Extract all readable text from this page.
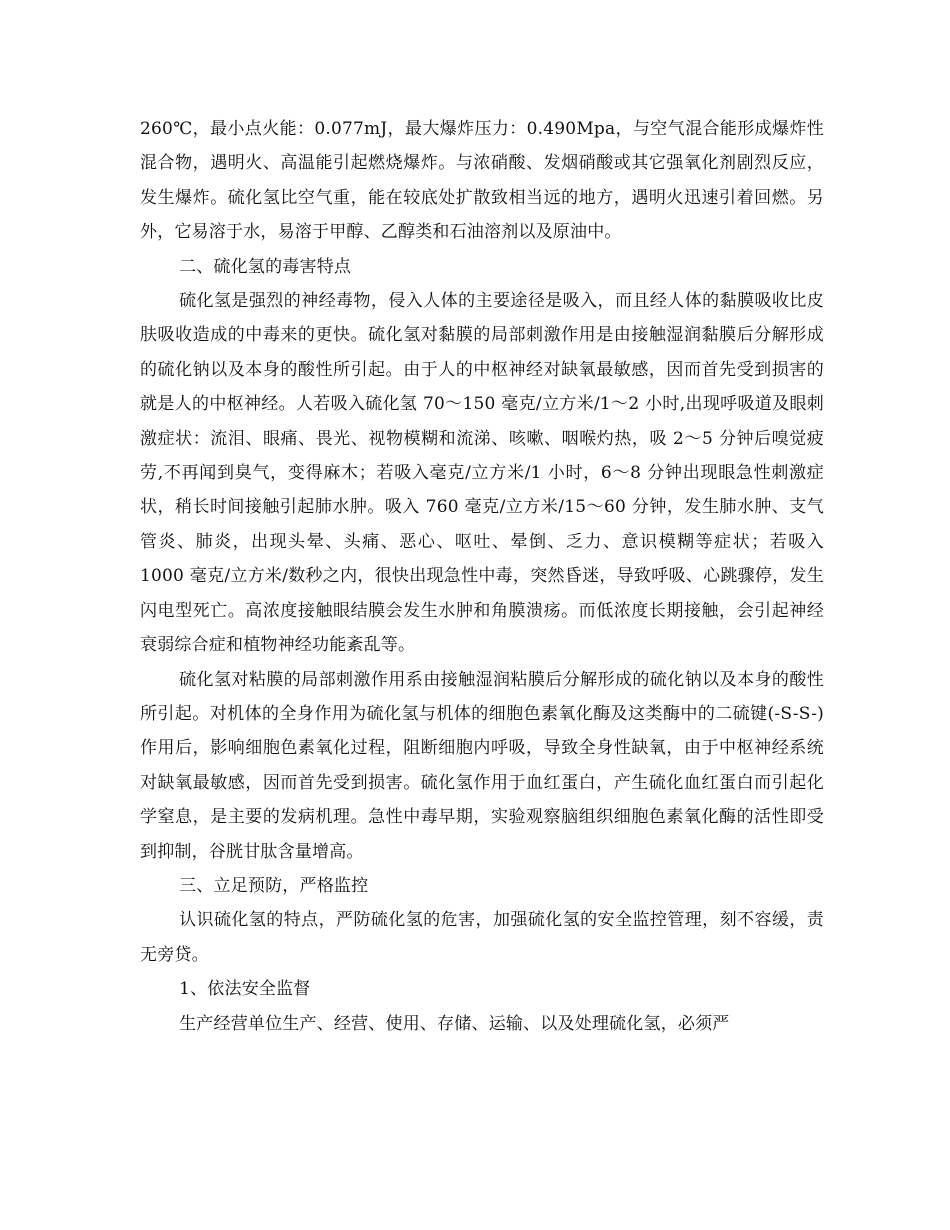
260℃，最小点火能：0.077mJ，最大爆炸压力：0.490Mpa，与空气混合能形成爆炸性混合物，遇明火、高温能引起燃烧爆炸。与浓硝酸、发烟硝酸或其它强氧化剂剧烈反应，发生爆炸。硫化氢比空气重，能在较底处扩散致相当远的地方，遇明火迅速引着回燃。另外，它易溶于水，易溶于甲醇、乙醇类和石油溶剂以及原油中。

二、硫化氢的毒害特点

硫化氢是强烈的神经毒物，侵入人体的主要途径是吸入，而且经人体的黏膜吸收比皮肤吸收造成的中毒来的更快。硫化氢对黏膜的局部刺激作用是由接触湿润黏膜后分解形成的硫化钠以及本身的酸性所引起。由于人的中枢神经对缺氧最敏感，因而首先受到损害的就是人的中枢神经。人若吸入硫化氢 70～150 毫克/立方米/1～2 小时,出现呼吸道及眼刺激症状：流泪、眼痛、畏光、视物模糊和流涕、咳嗽、咽喉灼热，吸 2～5 分钟后嗅觉疲劳,不再闻到臭气，变得麻木；若吸入毫克/立方米/1 小时，6～8 分钟出现眼急性刺激症状，稍长时间接触引起肺水肿。吸入 760 毫克/立方米/15～60 分钟，发生肺水肿、支气管炎、肺炎，出现头晕、头痛、恶心、呕吐、晕倒、乏力、意识模糊等症状；若吸入 1000 毫克/立方米/数秒之内，很快出现急性中毒，突然昏迷，导致呼吸、心跳骤停，发生闪电型死亡。高浓度接触眼结膜会发生水肿和角膜溃疡。而低浓度长期接触，会引起神经衰弱综合症和植物神经功能紊乱等。

硫化氢对粘膜的局部刺激作用系由接触湿润粘膜后分解形成的硫化钠以及本身的酸性所引起。对机体的全身作用为硫化氢与机体的细胞色素氧化酶及这类酶中的二硫键(-S-S-)作用后，影响细胞色素氧化过程，阻断细胞内呼吸，导致全身性缺氧，由于中枢神经系统对缺氧最敏感，因而首先受到损害。硫化氢作用于血红蛋白，产生硫化血红蛋白而引起化学窒息，是主要的发病机理。急性中毒早期，实验观察脑组织细胞色素氧化酶的活性即受到抑制，谷胱甘肽含量增高。

三、立足预防，严格监控

认识硫化氢的特点，严防硫化氢的危害，加强硫化氢的安全监控管理，刻不容缓，责无旁贷。

1、依法安全监督

生产经营单位生产、经营、使用、存储、运输、以及处理硫化氢，必须严
